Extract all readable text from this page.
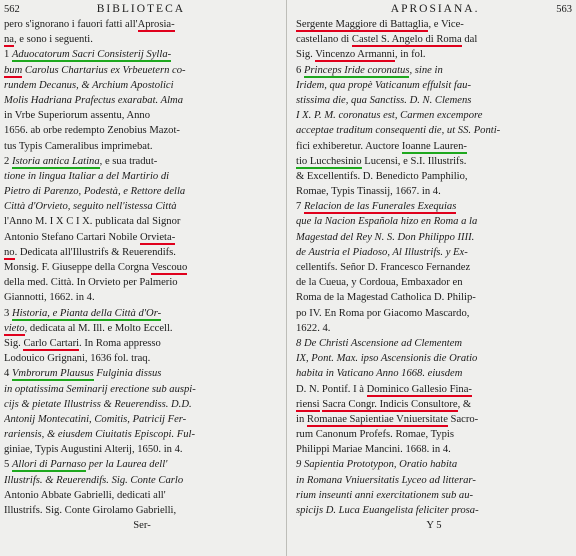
562	BIBLIOTECA
pero s'ignorano i fauori fatti all'Aprosia-
na, e sono i seguenti.
1 Aduocatorum Sacri Consisterij Sylla-
bum Carolus Chartarius ex Vrbeuetern co-
rundem Decanus, & Archium Apostolici
Molis Hadriana Prafectus exarabat. Alma
in Vrbe Superiorum assentu, Anno
1656. ab orbe redempto Zenobius Mazot-
tus Typis Cameralibus imprimebat.
2 Istoria antica Latina, e sua tradut-
tione in lingua Italiar a del Martirio di
Pietro di Parenzo, Podestà, e Rettore della
Città d'Orvieto, seguito nell'istessa Città
l'Anno M. I X C I X. publicata dal Signor
Antonio Stefano Cartari Nobile Orvieta-
no. Dedicata all'Illustrifs & Reuerendifs.
Monsig. F. Giuseppe della Corgna Vescouo
della med. Città. In Orvieto per Palmerio
Giannotti, 1662. in 4.
3 Historia, e Pianta della Città d'Or-
vieto, dedicata al M. Ill. e Molto Eccell.
Sig. Carlo Cartari. In Roma appresso
Lodouico Grignani, 1636 fol. traq.
4 Vmbrorum Plausus Fulginia dissus
in optatissima Seminarij erectione sub auspi-
cijs & pietate Illustriss & Reuerendiss. D.D.
Antonij Montecatini, Comitis, Patricij Fer-
rariensis, & eiusdem Ciuitatis Episcopi. Ful-
giniae, Typis Augustini Alterij, 1650. in 4.
5 Allori di Parnaso per la Laurea dell'
Illustrifs. & Reuerendifs. Sig. Conte Carlo
Antonio Abbate Gabrielli, dedicati all'
Illustrifs. Sig. Conte Girolamo Gabrielli,
Ser-
APROSIANA.	563
Sergente Maggiore di Battaglia, e Vice-
castellano di Castel S. Angelo di Roma dal
Sig. Vincenzo Armanni, in fol.
6 Princeps Iride coronatus, sine in
Iridem, qua propè Vaticanum effulsit fau-
stissima die, qua Sanctiss. D. N. Clemens
I X. P. M. coronatus est, Carmen excempore
acceptae traditum consequenti die, ut SS. Ponti-
fici exhiberetur. Auctore Ioanne Lauren-
tio Lucchesinio Lucensi, e S.I. Illustrifs.
& Excellentifs. D. Benedicto Pamphilio,
Romae, Typis Tinassij, 1667. in 4.
7 Relacion de las Funerales Exequias
que la Nacion Española hizo en Roma a la
Magestad del Rey N. S. Don Philippo IIII.
de Austria el Piadoso, Al Illustrifs. y Ex-
cellentifs. Señor D. Francesco Fernandez
de la Cueua, y Cordoua, Embaxador en
Roma de la Magestad Catholica D. Philip-
po IV. En Roma por Giacomo Mascardo,
1622. 4.
8 De Christi Ascensione ad Clementem
IX, Pont. Max. ipso Ascensionis die Oratio
habita in Vaticano Anno 1668. eiusdem
D. N. Pontif. I à Dominico Gallesio Fina-
riensi Sacra Congr. Indicis Consultore, &
in Romanae Sapientiae Vniuersitate Sacro-
rum Canonum Profefs. Romae, Typis
Philippi Mariae Mancini. 1668. in 4.
9 Sapientia Prototypon, Oratio habita
in Romana Vniuersitatis Lyceo ad litterar-
rium inseunti anni exercitationem sub au-
spicijs D. Luca Euangelista feliciter prosa-
Y 5
